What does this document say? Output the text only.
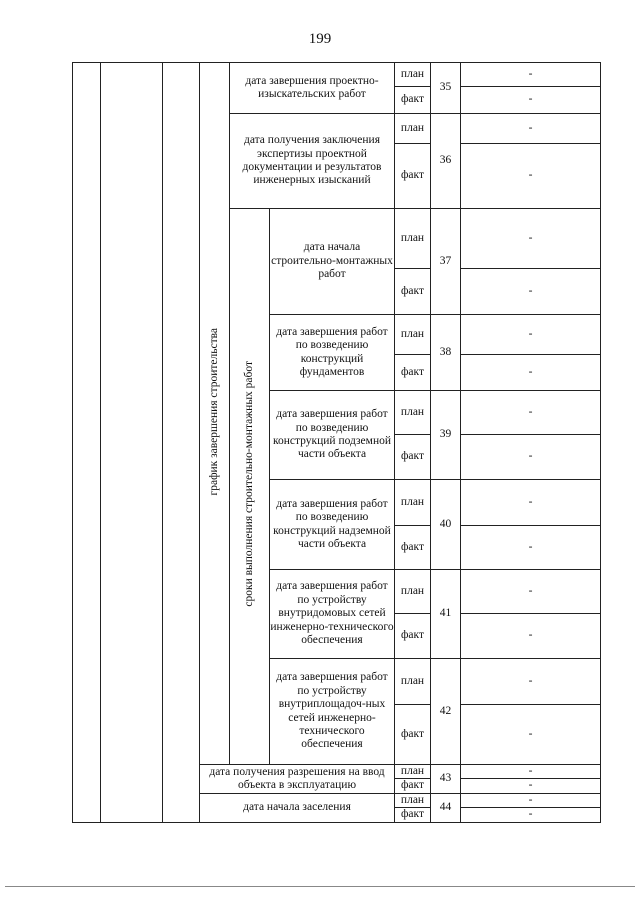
199
			график завершения строительства	дата завершения проектно-изыскательских работ		план	35	-
						факт		-
				дата получения заключения экспертизы проектной документации и результатов инженерных изысканий		план	36	-
						факт		-
				сроки выполнения строительно-монтажных работ	дата начала строительно-монтажных работ	план	37	-
						факт		-
					дата завершения работ по возведению конструкций фундаментов	план	38	-
						факт		-
					дата завершения работ по возведению конструкций подземной части объекта	план	39	-
						факт		-
					дата завершения работ по возведению конструкций надземной части объекта	план	40	-
						факт		-
					дата завершения работ по устройству внутридомовых сетей инженерно-технического обеспечения	план	41	-
						факт		-
					дата завершения работ по устройству внутриплощадоч-ных сетей инженерно-технического обеспечения	план	42	-
						факт		-
			дата получения разрешения на ввод объекта в эксплуатацию			план	43	-
						факт		-
			дата начала заселения			план	44	-
						факт		-
